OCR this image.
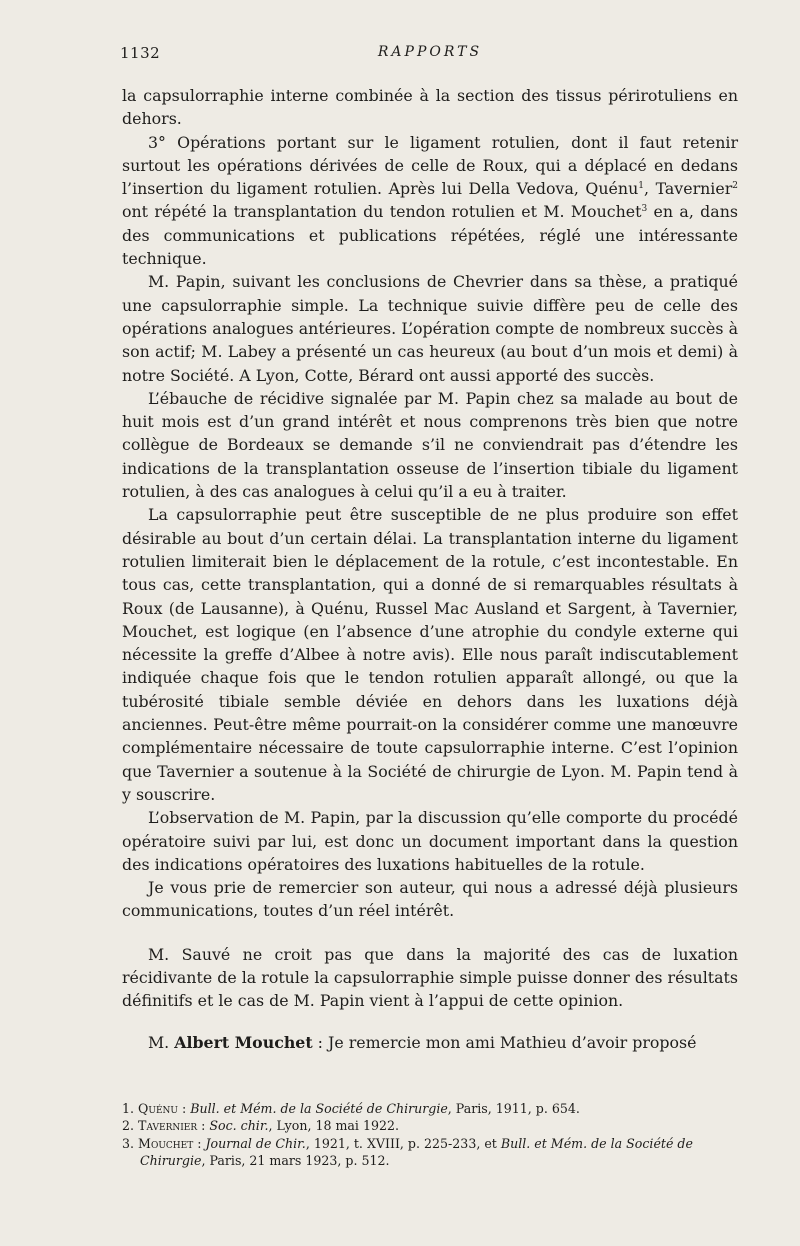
1132	RAPPORTS

la capsulorraphie interne combinée à la section des tissus périrotuliens en dehors.

3° Opérations portant sur le ligament rotulien, dont il faut retenir surtout les opérations dérivées de celle de Roux, qui a déplacé en dedans l’insertion du ligament rotulien. Après lui Della Vedova, Quénu$^1$, Tavernier$^2$ ont répété la transplantation du tendon rotulien et M. Mouchet$^3$ en a, dans des communications et publications répétées, réglé une intéressante technique.

M. Papin, suivant les conclusions de Chevrier dans sa thèse, a pratiqué une capsulorraphie simple. La technique suivie diffère peu de celle des opérations analogues antérieures. L’opération compte de nombreux succès à son actif; M. Labey a présenté un cas heureux (au bout d’un mois et demi) à notre Société. A Lyon, Cotte, Bérard ont aussi apporté des succès.

L’ébauche de récidive signalée par M. Papin chez sa malade au bout de huit mois est d’un grand intérêt et nous comprenons très bien que notre collègue de Bordeaux se demande s’il ne conviendrait pas d’étendre les indications de la transplantation osseuse de l’insertion tibiale du ligament rotulien, à des cas analogues à celui qu’il a eu à traiter.

La capsulorraphie peut être susceptible de ne plus produire son effet désirable au bout d’un certain délai. La transplantation interne du ligament rotulien limiterait bien le déplacement de la rotule, c’est incontestable. En tous cas, cette transplantation, qui a donné de si remarquables résultats à Roux (de Lausanne), à Quénu, Russel Mac Ausland et Sargent, à Tavernier, Mouchet, est logique (en l’absence d’une atrophie du condyle externe qui nécessite la greffe d’Albee à notre avis). Elle nous paraît indiscutablement indiquée chaque fois que le tendon rotulien apparaît allongé, ou que la tubérosité tibiale semble déviée en dehors dans les luxations déjà anciennes. Peut-être même pourrait-on la considérer comme une manœuvre complémentaire nécessaire de toute capsulorraphie interne. C’est l’opinion que Tavernier a soutenue à la Société de chirurgie de Lyon. M. Papin tend à y souscrire.

L’observation de M. Papin, par la discussion qu’elle comporte du procédé opératoire suivi par lui, est donc un document important dans la question des indications opératoires des luxations habituelles de la rotule.

Je vous prie de remercier son auteur, qui nous a adressé déjà plusieurs communications, toutes d’un réel intérêt.

M. Sauvé ne croit pas que dans la majorité des cas de luxation récidivante de la rotule la capsulorraphie simple puisse donner des résultats définitifs et le cas de M. Papin vient à l’appui de cette opinion.

M. Albert Mouchet : Je remercie mon ami Mathieu d’avoir proposé

1. Quénu : Bull. et Mém. de la Société de Chirurgie, Paris, 1911, p. 654.

2. Tavernier : Soc. chir., Lyon, 18 mai 1922.

3. Mouchet : Journal de Chir., 1921, t. XVIII, p. 225-233, et Bull. et Mém. de la Société de Chirurgie, Paris, 21 mars 1923, p. 512.
